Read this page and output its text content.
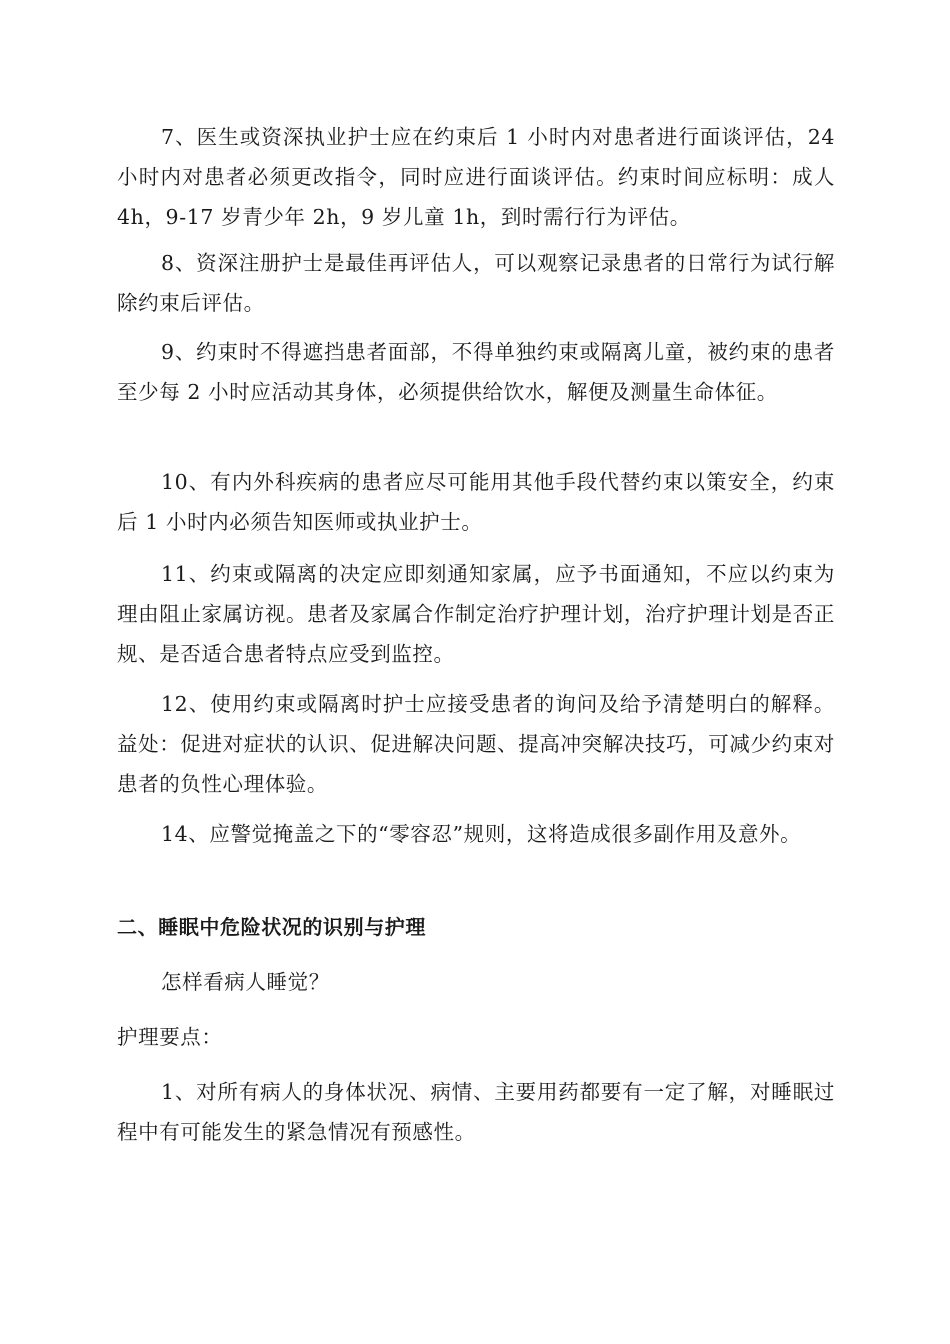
7、医生或资深执业护士应在约束后 1 小时内对患者进行面谈评估，24 小时内对患者必须更改指令，同时应进行面谈评估。约束时间应标明：成人 4h，9-17 岁青少年 2h，9 岁儿童 1h，到时需行行为评估。

8、资深注册护士是最佳再评估人，可以观察记录患者的日常行为试行解除约束后评估。

9、约束时不得遮挡患者面部，不得单独约束或隔离儿童，被约束的患者至少每 2 小时应活动其身体，必须提供给饮水，解便及测量生命体征。

10、有内外科疾病的患者应尽可能用其他手段代替约束以策安全，约束后 1 小时内必须告知医师或执业护士。

11、约束或隔离的决定应即刻通知家属，应予书面通知，不应以约束为理由阻止家属访视。患者及家属合作制定治疗护理计划，治疗护理计划是否正规、是否适合患者特点应受到监控。

12、使用约束或隔离时护士应接受患者的询问及给予清楚明白的解释。益处：促进对症状的认识、促进解决问题、提高冲突解决技巧，可减少约束对患者的负性心理体验。

14、应警觉掩盖之下的“零容忍”规则，这将造成很多副作用及意外。

二、睡眠中危险状况的识别与护理

怎样看病人睡觉？

护理要点：

1、对所有病人的身体状况、病情、主要用药都要有一定了解，对睡眠过程中有可能发生的紧急情况有预感性。
